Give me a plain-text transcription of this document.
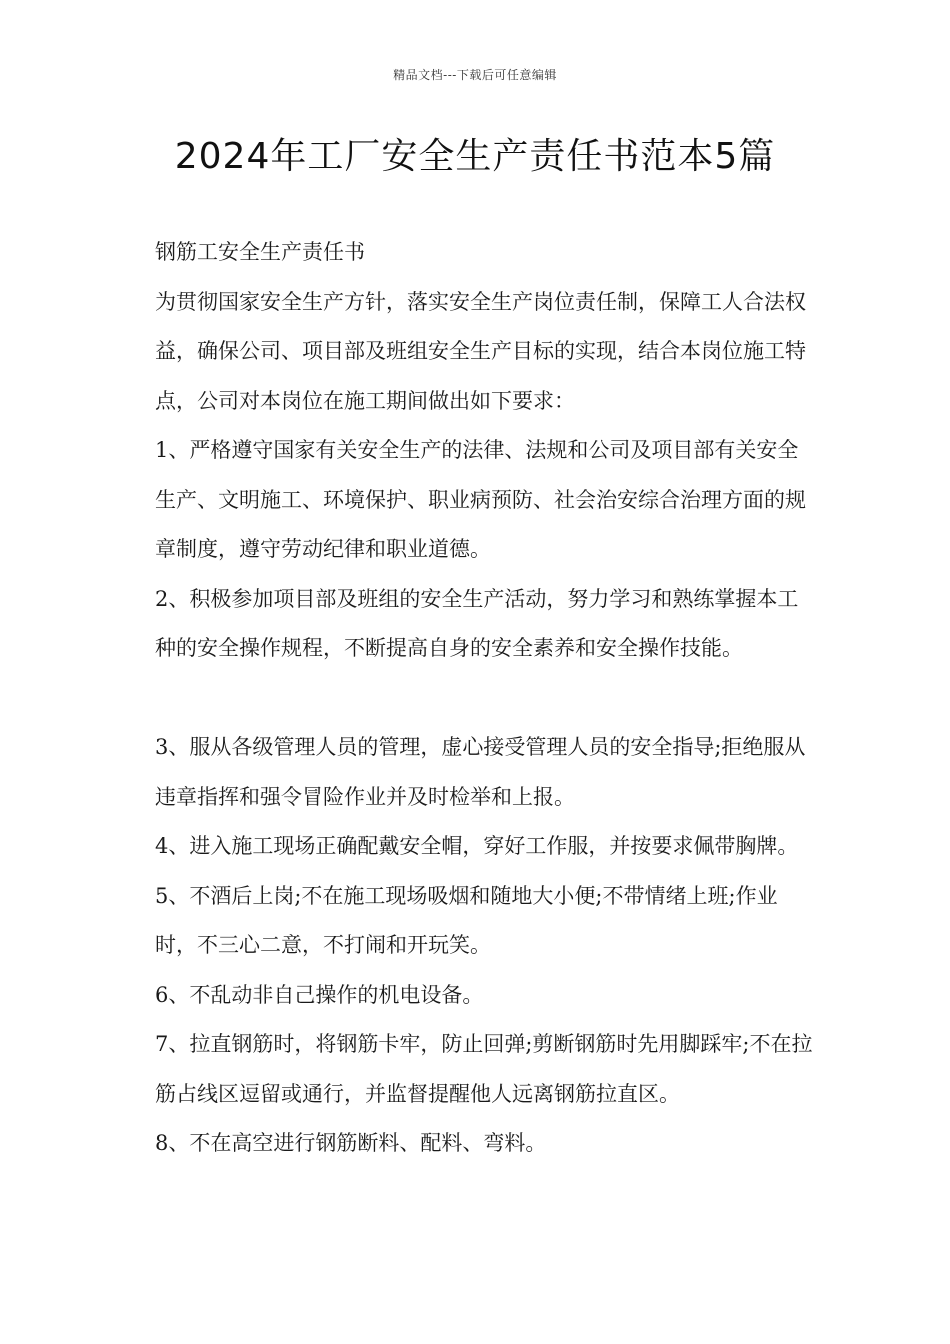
精品文档---下载后可任意编辑
2024年工厂安全生产责任书范本5篇

钢筋工安全生产责任书

为贯彻国家安全生产方针，落实安全生产岗位责任制，保障工人合法权益，确保公司、项目部及班组安全生产目标的实现，结合本岗位施工特点，公司对本岗位在施工期间做出如下要求：

1、严格遵守国家有关安全生产的法律、法规和公司及项目部有关安全生产、文明施工、环境保护、职业病预防、社会治安综合治理方面的规章制度，遵守劳动纪律和职业道德。

2、积极参加项目部及班组的安全生产活动，努力学习和熟练掌握本工种的安全操作规程，不断提高自身的安全素养和安全操作技能。

3、服从各级管理人员的管理，虚心接受管理人员的安全指导;拒绝服从违章指挥和强令冒险作业并及时检举和上报。

4、进入施工现场正确配戴安全帽，穿好工作服，并按要求佩带胸牌。

5、不酒后上岗;不在施工现场吸烟和随地大小便;不带情绪上班;作业时，不三心二意，不打闹和开玩笑。

6、不乱动非自己操作的机电设备。

7、拉直钢筋时，将钢筋卡牢，防止回弹;剪断钢筋时先用脚踩牢;不在拉筋占线区逗留或通行，并监督提醒他人远离钢筋拉直区。

8、不在高空进行钢筋断料、配料、弯料。
